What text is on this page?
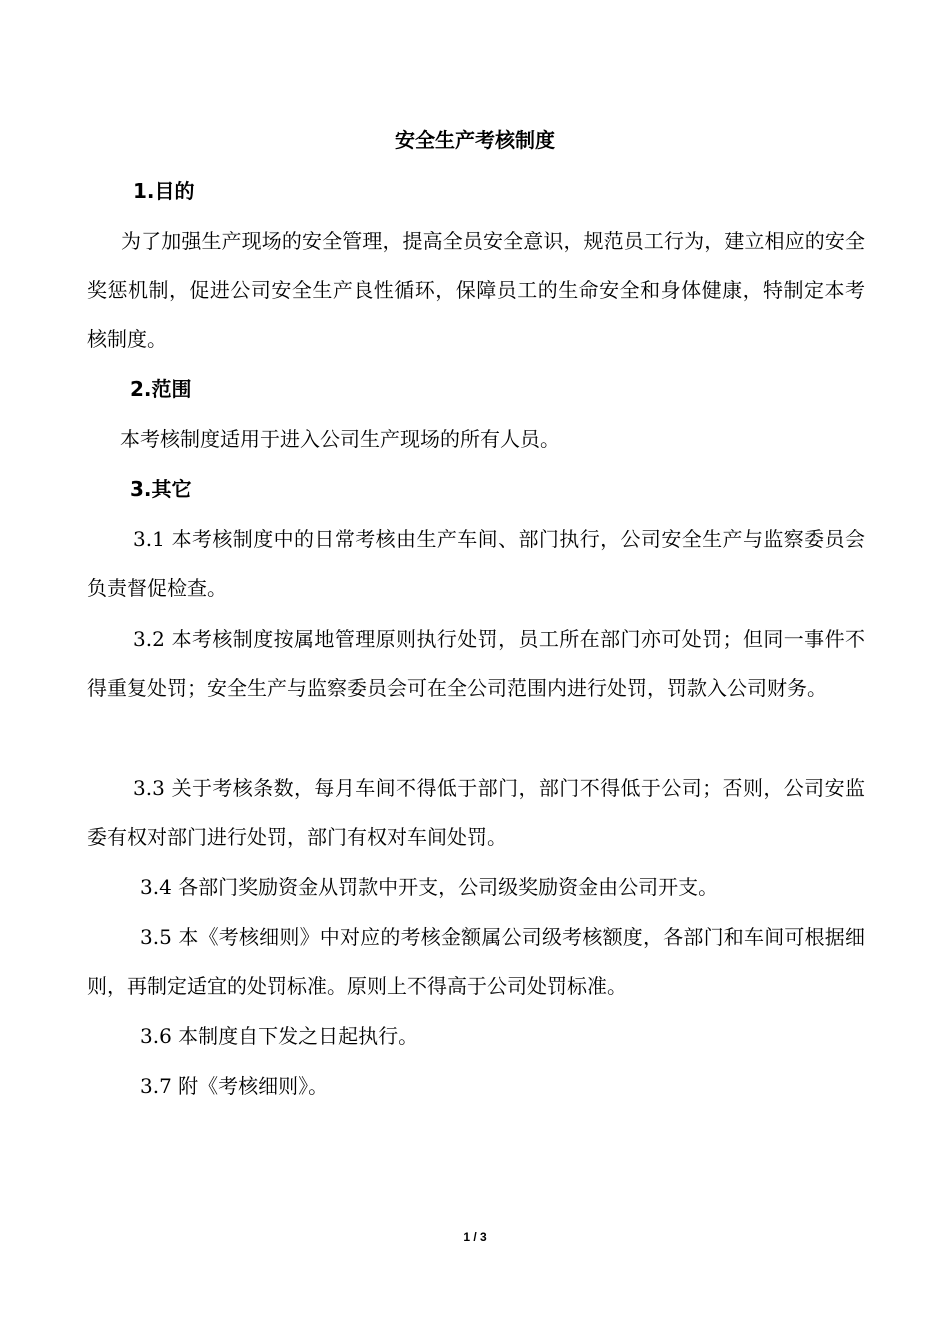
安全生产考核制度
1.目的
为了加强生产现场的安全管理，提高全员安全意识，规范员工行为，建立相应的安全奖惩机制，促进公司安全生产良性循环，保障员工的生命安全和身体健康，特制定本考核制度。
2.范围
本考核制度适用于进入公司生产现场的所有人员。
3.其它
3.1 本考核制度中的日常考核由生产车间、部门执行，公司安全生产与监察委员会负责督促检查。
3.2 本考核制度按属地管理原则执行处罚，员工所在部门亦可处罚；但同一事件不得重复处罚；安全生产与监察委员会可在全公司范围内进行处罚，罚款入公司财务。
3.3 关于考核条数，每月车间不得低于部门，部门不得低于公司；否则，公司安监委有权对部门进行处罚，部门有权对车间处罚。
3.4 各部门奖励资金从罚款中开支，公司级奖励资金由公司开支。
3.5 本《考核细则》中对应的考核金额属公司级考核额度，各部门和车间可根据细则，再制定适宜的处罚标准。原则上不得高于公司处罚标准。
3.6 本制度自下发之日起执行。
3.7 附《考核细则》。
1 / 3
